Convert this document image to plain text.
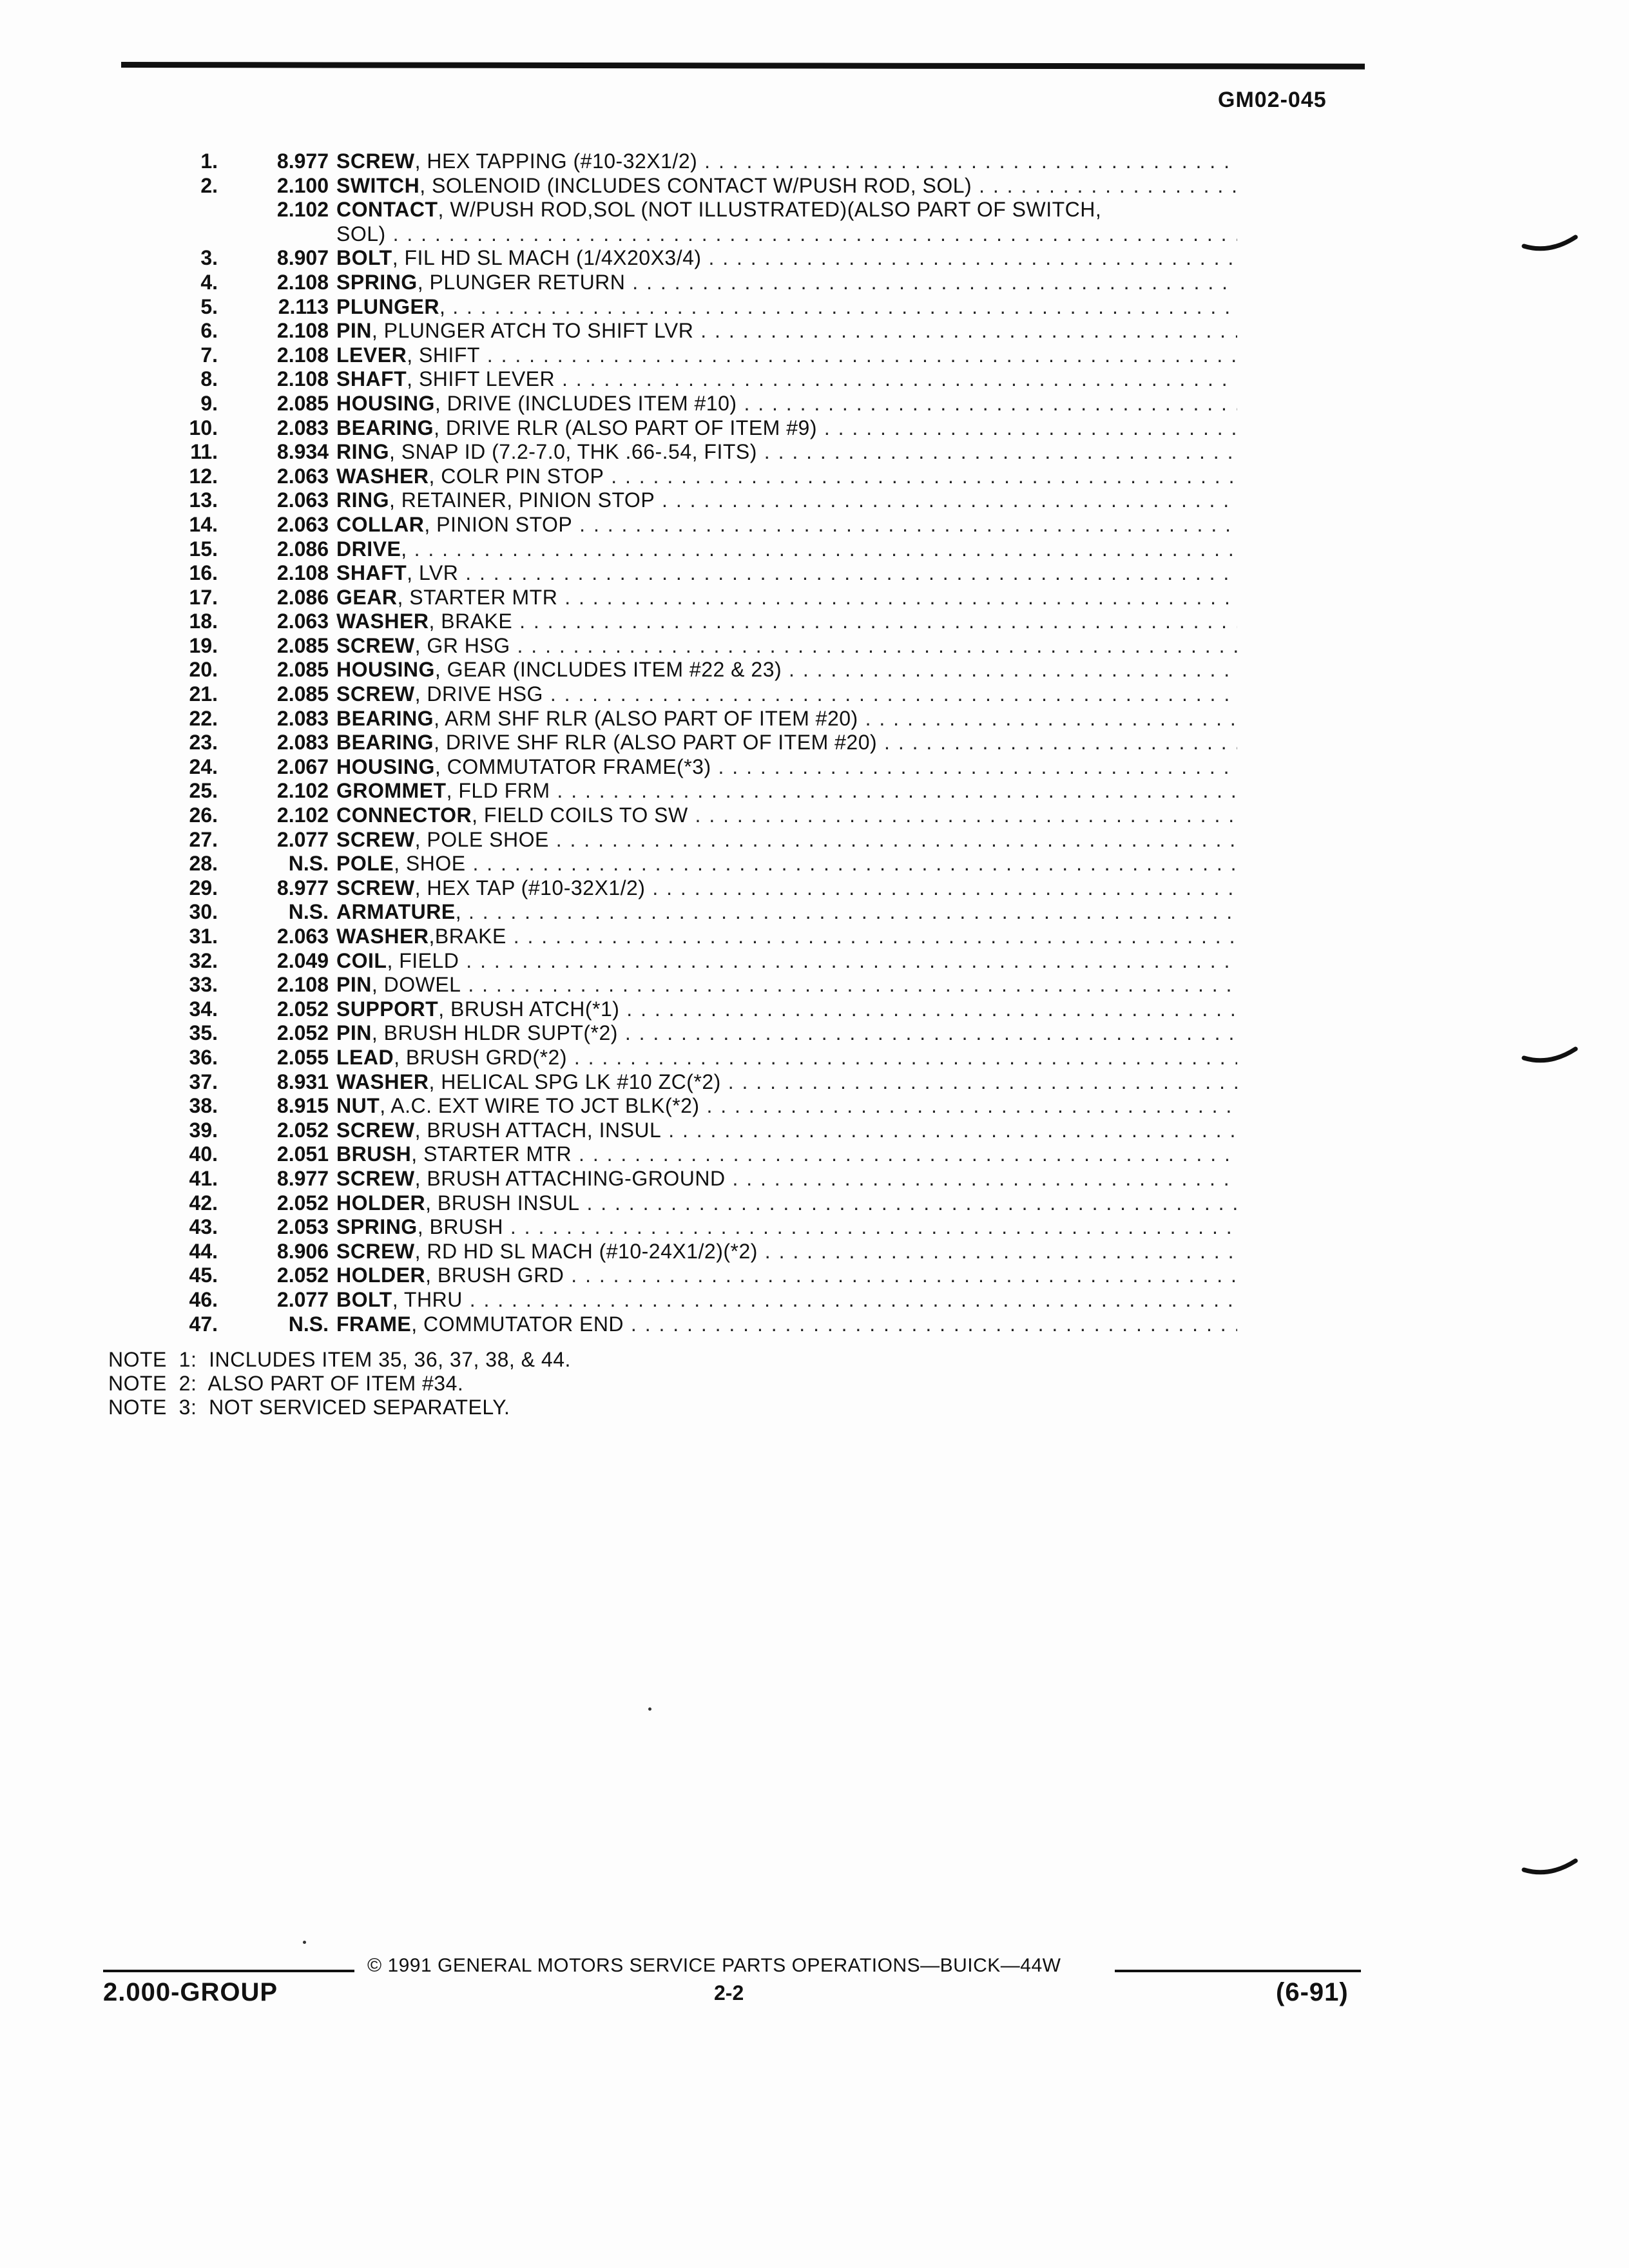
GM02-045
1.	8.977 SCREW, HEX TAPPING (#10-32X1/2) . . .
2.	2.100 SWITCH, SOLENOID (INCLUDES CONTACT W/PUSH ROD, SOL) . . .
2.102 CONTACT, W/PUSH ROD,SOL (NOT ILLUSTRATED)(ALSO PART OF SWITCH,
SOL) . . .
3.	8.907 BOLT, FIL HD SL MACH (1/4X20X3/4) . . .
4.	2.108 SPRING, PLUNGER RETURN . . .
5.	2.113 PLUNGER, . . .
6.	2.108 PIN, PLUNGER ATCH TO SHIFT LVR . . .
7.	2.108 LEVER, SHIFT . . .
8.	2.108 SHAFT, SHIFT LEVER . . .
9.	2.085 HOUSING, DRIVE (INCLUDES ITEM #10) . . .
10.	2.083 BEARING, DRIVE RLR (ALSO PART OF ITEM #9) . . .
11.	8.934 RING, SNAP ID (7.2-7.0, THK .66-.54, FITS) . . .
12.	2.063 WASHER, COLR PIN STOP . . .
13.	2.063 RING, RETAINER, PINION STOP . . .
14.	2.063 COLLAR, PINION STOP . . .
15.	2.086 DRIVE, . . .
16.	2.108 SHAFT, LVR . . .
17.	2.086 GEAR, STARTER MTR . . .
18.	2.063 WASHER, BRAKE . . .
19.	2.085 SCREW, GR HSG . . .
20.	2.085 HOUSING, GEAR (INCLUDES ITEM #22 & 23) . . .
21.	2.085 SCREW, DRIVE HSG . . .
22.	2.083 BEARING, ARM SHF RLR (ALSO PART OF ITEM #20) . . .
23.	2.083 BEARING, DRIVE SHF RLR (ALSO PART OF ITEM #20) . . .
24.	2.067 HOUSING, COMMUTATOR FRAME(*3) . . .
25.	2.102 GROMMET, FLD FRM . . .
26.	2.102 CONNECTOR, FIELD COILS TO SW . . .
27.	2.077 SCREW, POLE SHOE . . .
28.	N.S. POLE, SHOE . . .
29.	8.977 SCREW, HEX TAP (#10-32X1/2) . . .
30.	N.S. ARMATURE, . . .
31.	2.063 WASHER,BRAKE . . .
32.	2.049 COIL, FIELD . . .
33.	2.108 PIN, DOWEL . . .
34.	2.052 SUPPORT, BRUSH ATCH(*1) . . .
35.	2.052 PIN, BRUSH HLDR SUPT(*2) . . .
36.	2.055 LEAD, BRUSH GRD(*2) . . .
37.	8.931 WASHER, HELICAL SPG LK #10 ZC(*2) . . .
38.	8.915 NUT, A.C. EXT WIRE TO JCT BLK(*2) . . .
39.	2.052 SCREW, BRUSH ATTACH, INSUL . . .
40.	2.051 BRUSH, STARTER MTR . . .
41.	8.977 SCREW, BRUSH ATTACHING-GROUND . . .
42.	2.052 HOLDER, BRUSH INSUL . . .
43.	2.053 SPRING, BRUSH . . .
44.	8.906 SCREW, RD HD SL MACH (#10-24X1/2)(*2) . . .
45.	2.052 HOLDER, BRUSH GRD . . .
46.	2.077 BOLT, THRU . . .
47.	N.S. FRAME, COMMUTATOR END . . .
NOTE  1:  INCLUDES ITEM 35, 36, 37, 38, & 44.
NOTE  2:  ALSO PART OF ITEM #34.
NOTE  3:  NOT SERVICED SEPARATELY.
© 1991 GENERAL MOTORS SERVICE PARTS OPERATIONS—BUICK—44W
2.000-GROUP	2-2	(6-91)
